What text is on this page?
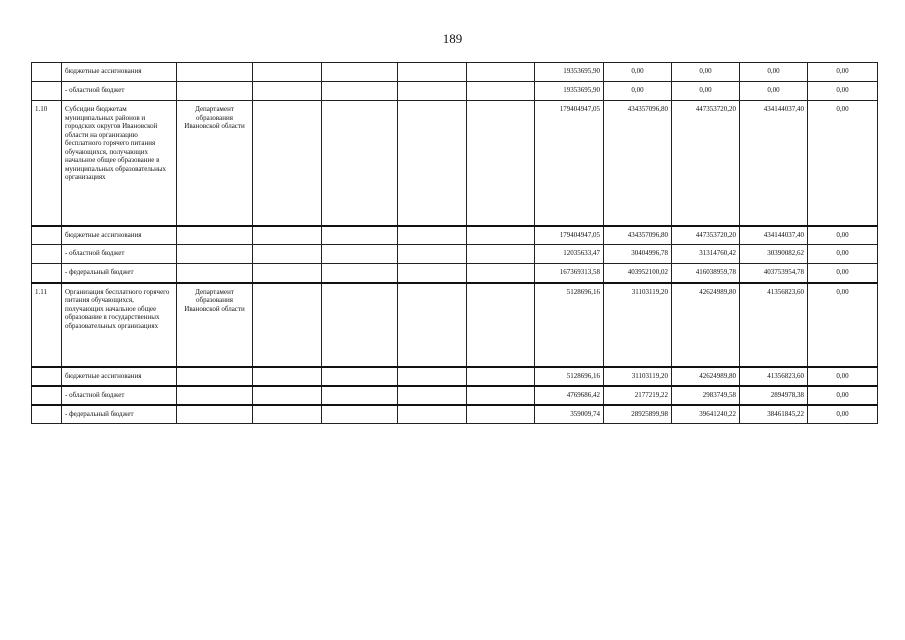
189
	бюджетные ассигнования						19353695,90	0,00	0,00	0,00	0,00
	- областной бюджет						19353695,90	0,00	0,00	0,00	0,00
1.10	Субсидии бюджетам муниципальных районов и городских округов Ивановской области на организацию бесплатного горячего питания обучающихся, получающих начальное общее образование в муниципальных образовательных организациях	Департамент образования Ивановской области					179404947,05	434357096,80	447353720,20	434144037,40	0,00
	бюджетные ассигнования						179404947,05	434357096,80	447353720,20	434144037,40	0,00
	- областной бюджет						12035633,47	30404996,78	31314760,42	30390082,62	0,00
	- федеральный бюджет						167369313,58	403952100,02	416038959,78	403753954,78	0,00
1.11	Организация бесплатного горячего питания обучающихся, получающих начальное общее образование в государственных образовательных организациях	Департамент образования Ивановской области					5128696,16	31103119,20	42624989,80	41356823,60	0,00
	бюджетные ассигнования						5128696,16	31103119,20	42624989,80	41356823,60	0,00
	- областной бюджет						4769686,42	2177219,22	2983749,58	2894978,38	0,00
	- федеральный бюджет						359009,74	28925899,98	39641240,22	38461845,22	0,00
